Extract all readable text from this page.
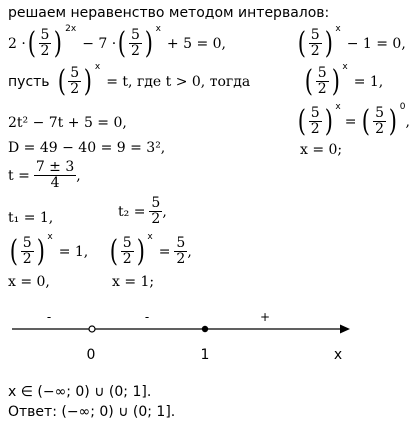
решаем неравенство методом интервалов:
2 · ( $\frac{5}{2}$ ) 2x
− 7 · ( $\frac{5}{2}$ ) x
+ 5 = 0, ( $\frac{5}{2}$ ) x
− 1 = 0,
пусть ( $\frac{5}{2}$ ) x
= t, где t > 0, тогда ( $\frac{5}{2}$ ) x
= 1,
2t² − 7t + 5 = 0,	( $\frac{5}{2}$ ) x
= ( $\frac{5}{2}$ ) 0
,
D = 49 − 40 = 9 = 3²,	x = 0;
$t = \frac{7 \pm 3}{4}$ ,
t₁ = 1,	$t_2 = \frac{5}{2}$ ,
( $\frac{5}{2}$ ) x
= 1, ( $\frac{5}{2}$ ) x
= $\frac{5}{2}$ ,
x = 0,	x = 1;
-	-	+
0	1	x
x ∈ (−∞; 0) ∪ (0; 1].
Ответ: (−∞; 0) ∪ (0; 1].
